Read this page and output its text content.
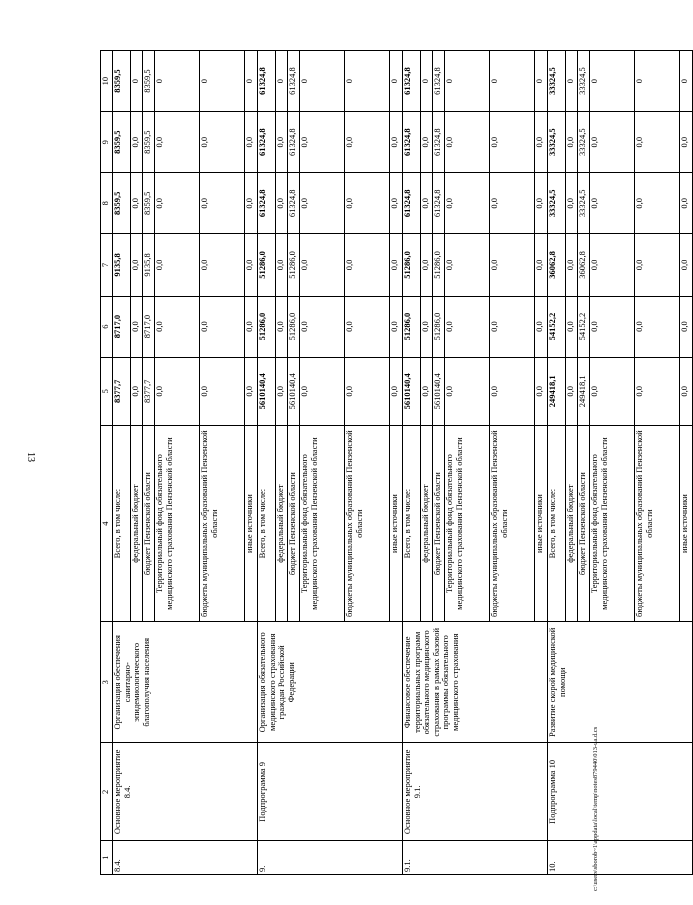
13
1	2	3	4	5	6	7	8	9	10
8.4.	Основное мероприятие 8.4.	Организация обеспечения санитарно-эпидемиологического благополучия населения	Всего, в том числе:	8377,7	8717,0	9135,8	8359,5	8359,5	8359,5
			федеральный бюджет	0,0	0,0	0,0	0,0	0,0	0
			бюджет Пензенской области	8377,7	8717,0	9135,8	8359,5	8359,5	8359,5
			Территориальный фонд обязательного медицинского страхования Пензенской области	0,0	0,0	0,0	0,0	0,0	0
			бюджеты муниципальных образований Пензенской области	0,0	0,0	0,0	0,0	0,0	0
			иные источники	0,0	0,0	0,0	0,0	0,0	0
9.	Подпрограмма 9	Организация обязательного медицинского страхования граждан Российской Федерации	Всего, в том числе:	5610140,4	51286,0	51286,0	61324,8	61324,8	61324,8
			федеральный бюджет	0,0	0,0	0,0	0,0	0,0	0
			бюджет Пензенской области	5610140,4	51286,0	51286,0	61324,8	61324,8	61324,8
			Территориальный фонд обязательного медицинского страхования Пензенской области	0,0	0,0	0,0	0,0	0,0	0
			бюджеты муниципальных образований Пензенской области	0,0	0,0	0,0	0,0	0,0	0
			иные источники	0,0	0,0	0,0	0,0	0,0	0
9.1.	Основное мероприятие 9.1.	Финансовое обеспечение территориальных программ обязательного медицинского страхования в рамках базовой программы обязательного медицинского страхования	Всего, в том числе:	5610140,4	51286,0	51286,0	61324,8	61324,8	61324,8
			федеральный бюджет	0,0	0,0	0,0	0,0	0,0	0
			бюджет Пензенской области	5610140,4	51286,0	51286,0	61324,8	61324,8	61324,8
			Территориальный фонд обязательного медицинского страхования Пензенской области	0,0	0,0	0,0	0,0	0,0	0
			бюджеты муниципальных образований Пензенской области	0,0	0,0	0,0	0,0	0,0	0
			иные источники	0,0	0,0	0,0	0,0	0,0	0
10.	Подпрограмма 10	Развитие скорой медицинской помощи	Всего, в том числе:	249418,1	54152,2	36062,8	33324,5	33324,5	33324,5
			федеральный бюджет	0,0	0,0	0,0	0,0	0,0	0
			бюджет Пензенской области	249418,1	54152,2	36062,8	33324,5	33324,5	33324,5
			Территориальный фонд обязательного медицинского страхования Пензенской области	0,0	0,0	0,0	0,0	0,0	0
			бюджеты муниципальных образований Пензенской области	0,0	0,0	0,0	0,0	0,0	0
			иные источники	0,0	0,0	0,0	0,0	0,0	0
c:\users\sborob~1\appdata\local\temp\notes879440\013-ua.d.cs
